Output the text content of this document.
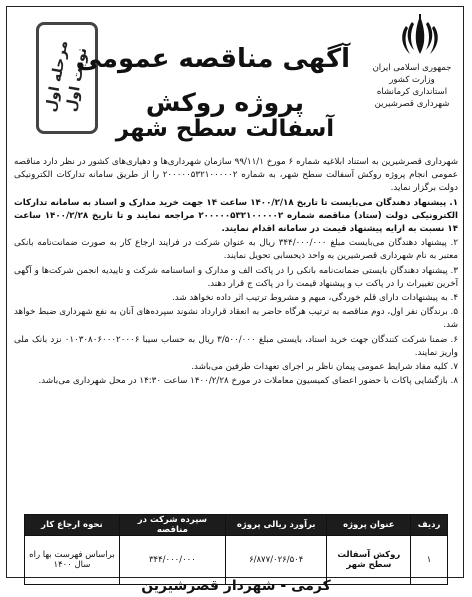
جمهوری اسلامی ایران
وزارت کشور
استانداری کرمانشاه
شهرداری قصرشیرین
مرحله اول
نوبت اول
آگهی مناقصه عمومی
پروژه روکش
آسفالت سطح شهر

شهرداری قصرشیرین به استناد ابلاغیه شماره ۶ مورخ ۹۹/۱۱/۱ سازمان شهرداری‌ها و دهیاری‌های کشور در نظر دارد مناقصه عمومی انجام پروژه روکش آسفالت سطح شهر، به شماره ۲۰۰۰۰۰۵۳۲۱۰۰۰۰۰۲ را از طریق سامانه تدارکات الکترونیکی دولت برگزار نماید.

۱. پیشنهاد دهندگان می‌بایست تا تاریخ ۱۴۰۰/۲/۱۸ ساعت ۱۴ جهت خرید مدارک و اسناد به سامانه تدارکات الکترونیکی دولت (ستاد) مناقصه شماره ۲۰۰۰۰۰۵۳۲۱۰۰۰۰۰۲ مراجعه نمایند و تا تاریخ ۱۴۰۰/۲/۲۸ ساعت ۱۴ نسبت به ارایه پیشنهاد قیمت در سامانه اقدام نمایند.

۲. پیشنهاد دهندگان می‌بایست مبلغ ۳۴۴/۰۰۰/۰۰۰ ریال به عنوان شرکت در فرایند ارجاع کار به صورت ضمانت‌نامه بانکی معتبر به نام شهرداری قصرشیرین به واحد ذیحسابی تحویل نمایند.

۳. پیشنهاد دهندگان بایستی ضمانت‌نامه بانکی را در پاکت الف و مدارک و اساسنامه شرکت و تاییدیه انجمن شرکت‌ها و آگهی آخرین تغییرات را در پاکت ب و پیشنهاد قیمت را در پاکت ج قرار دهند.

۴. به پیشنهادات دارای قلم خوردگی، مبهم و مشروط ترتیب اثر داده نخواهد شد.

۵. برندگان نفر اول، دوم مناقصه به ترتیب هرگاه حاضر به انعقاد قرارداد نشوند سپرده‌های آنان به نفع شهرداری ضبط خواهد شد.

۶. ضمنا شرکت کنندگان جهت خرید اسناد، بایستی مبلغ ۳/۵۰۰/۰۰۰ ریال به حساب سیبا ۰۱۰۳۰۸۰۶۰۰۰۲۰۰۰۶ نزد بانک ملی واریز نمایند.

۷. کلیه مفاد شرایط عمومی پیمان ناظر بر اجرای تعهدات طرفین می‌باشد.

۸. بازگشایی پاکات با حضور اعضای کمیسیون معاملات در مورخ ۱۴۰۰/۲/۲۸ ساعت ۱۴:۳۰ در محل شهرداری می‌باشد.

ردیف	عنوان پروژه	برآورد ریالی پروژه	سپرده شرکت در مناقصه	نحوه ارجاع کار
۱	روکش آسفالت سطح شهر	۶/۸۷۷/۰۲۶/۵۰۴	۳۴۴/۰۰۰/۰۰۰	براساس فهرست بها راه سال ۱۴۰۰
کرمی - شهردار قصرشیرین
